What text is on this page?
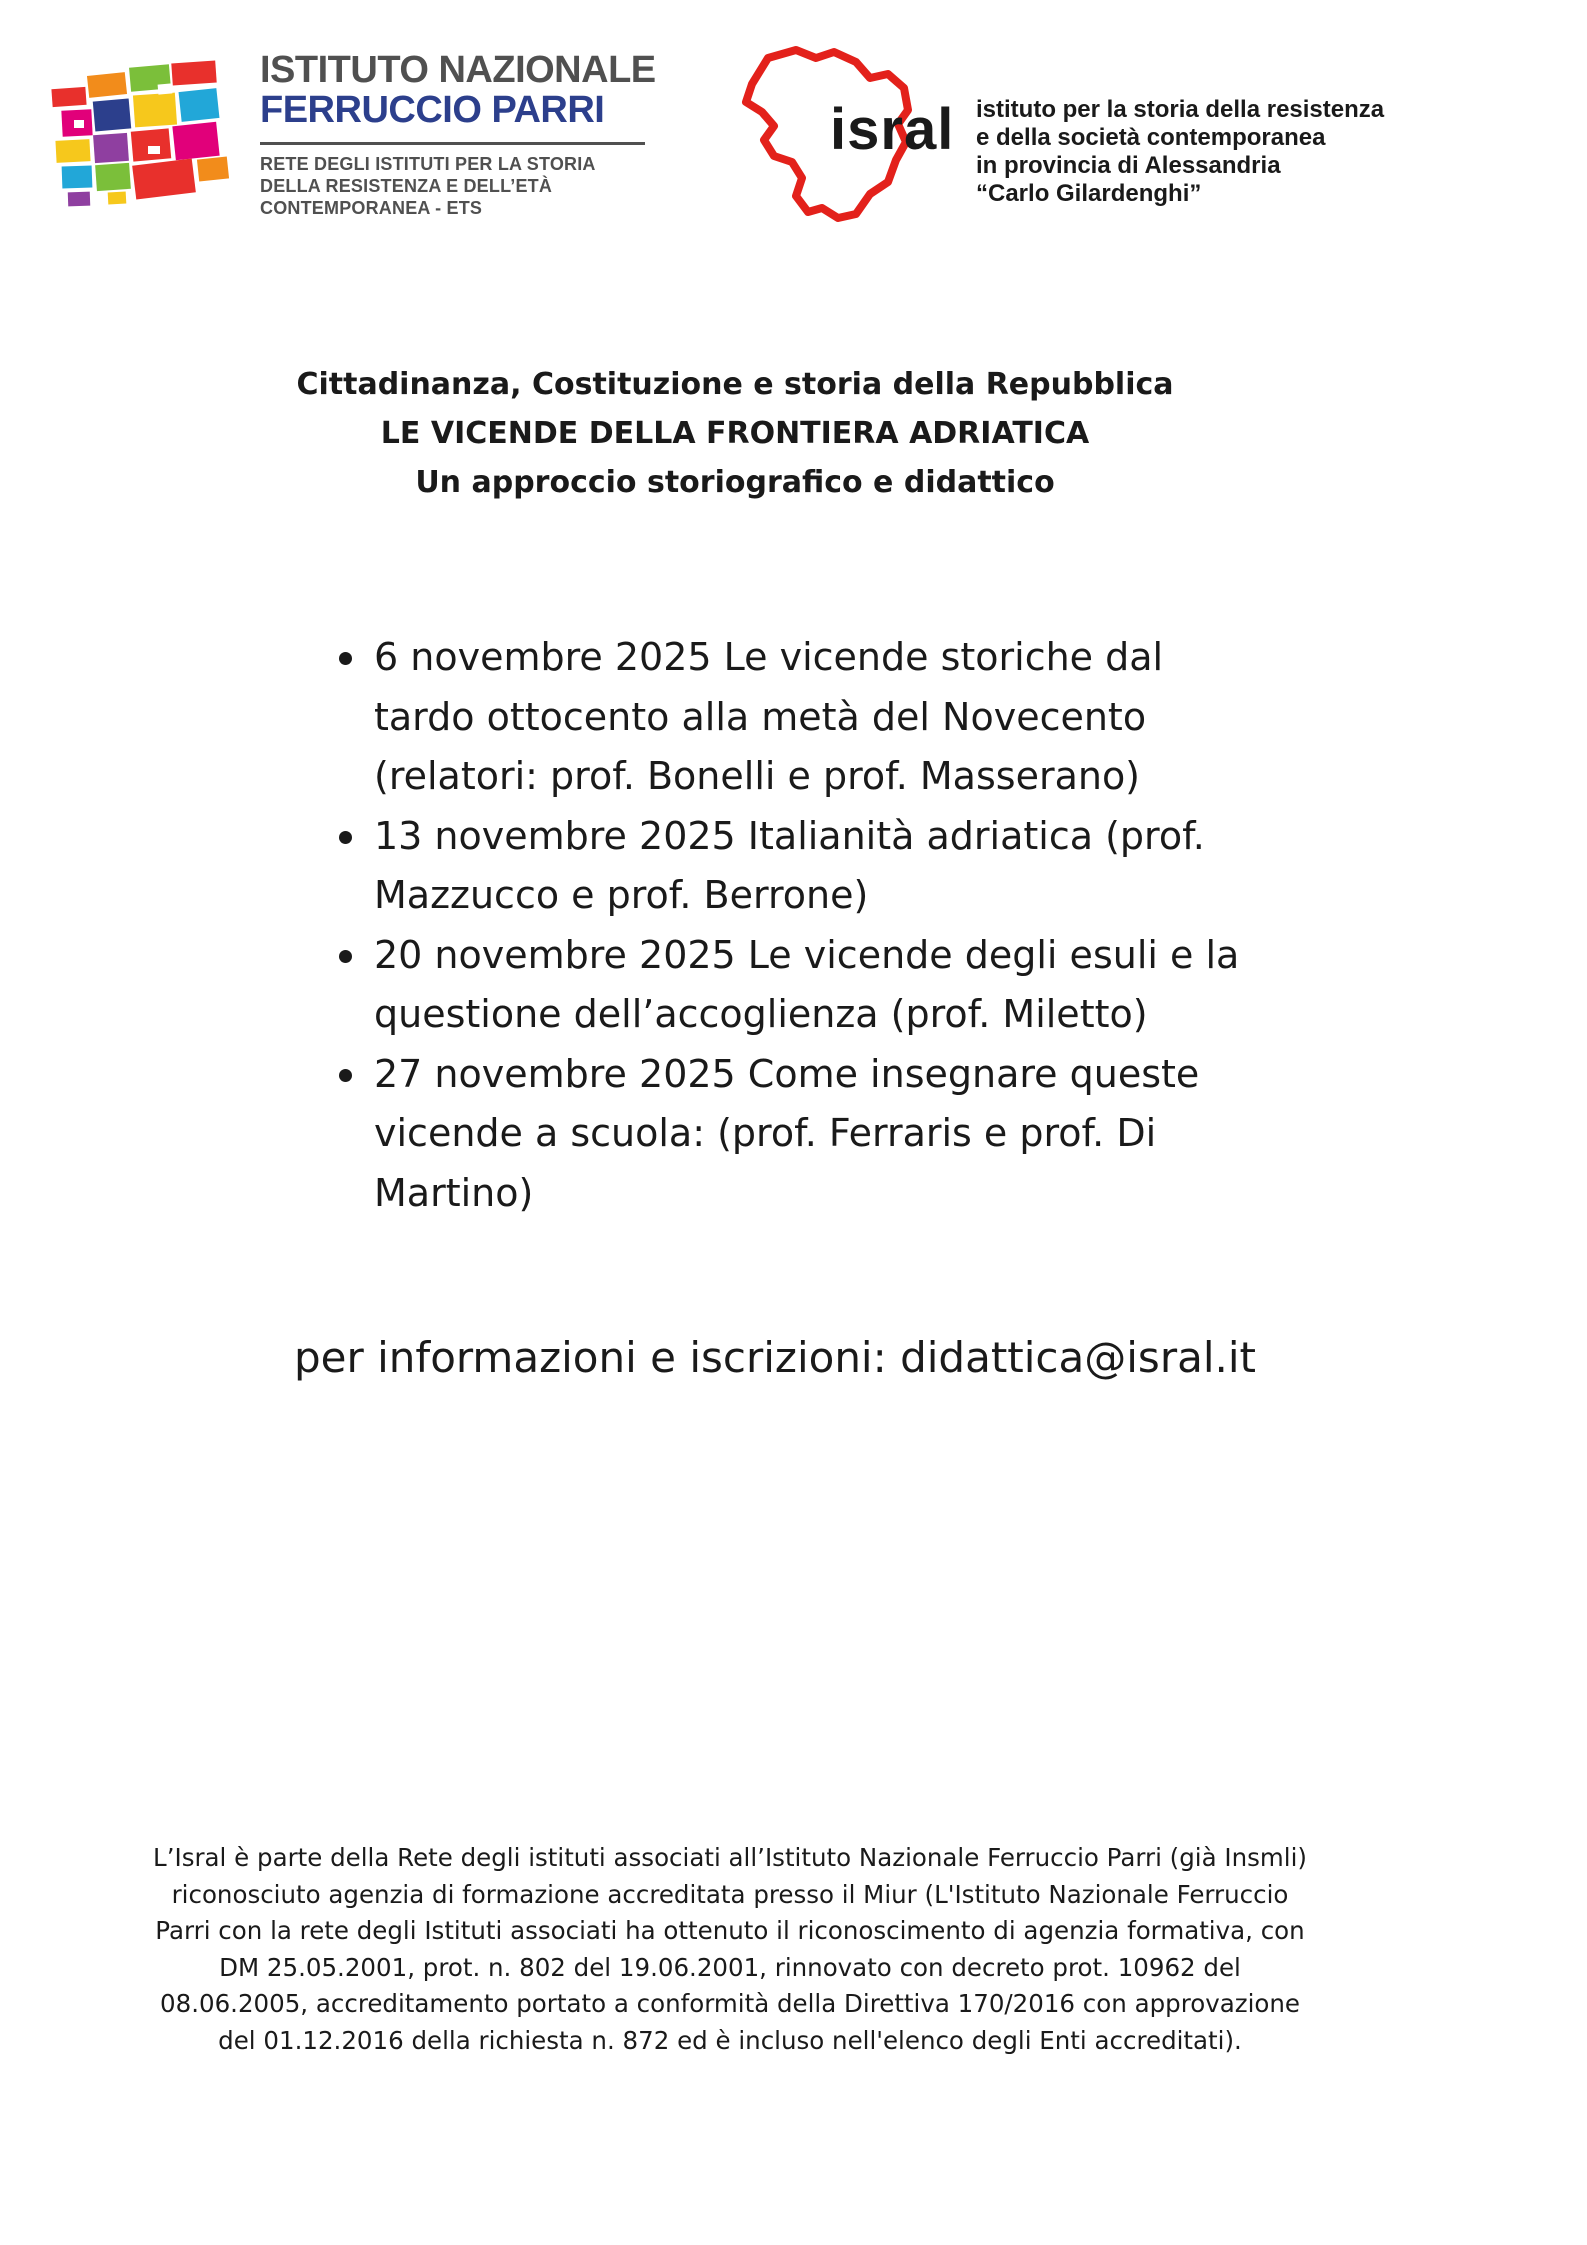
ISTITUTO NAZIONALE
FERRUCCIO PARRI
RETE DEGLI ISTITUTI PER LA STORIA
DELLA RESISTENZA E DELL’ETÀ
CONTEMPORANEA - ETS
isral istituto per la storia della resistenza
e della società contemporanea
in provincia di Alessandria
“Carlo Gilardenghi”
Cittadinanza, Costituzione e storia della Repubblica
LE VICENDE DELLA FRONTIERA ADRIATICA
Un approccio storiografico e didattico
6 novembre 2025 Le vicende storiche dal tardo ottocento alla metà del Novecento (relatori: prof. Bonelli e prof. Masserano)
13 novembre 2025 Italianità adriatica (prof. Mazzucco e prof. Berrone)
20 novembre 2025 Le vicende degli esuli e la questione dell’accoglienza (prof. Miletto)
27 novembre 2025 Come insegnare queste vicende a scuola: (prof. Ferraris e prof. Di Martino)
per informazioni e iscrizioni: didattica@isral.it
L’Isral è parte della Rete degli istituti associati all’Istituto Nazionale Ferruccio Parri (già Insmli) riconosciuto agenzia di formazione accreditata presso il Miur (L'Istituto Nazionale Ferruccio Parri con la rete degli Istituti associati ha ottenuto il riconoscimento di agenzia formativa, con DM 25.05.2001, prot. n. 802 del 19.06.2001, rinnovato con decreto prot. 10962 del 08.06.2005, accreditamento portato a conformità della Direttiva 170/2016 con approvazione del 01.12.2016 della richiesta n. 872 ed è incluso nell'elenco degli Enti accreditati).
